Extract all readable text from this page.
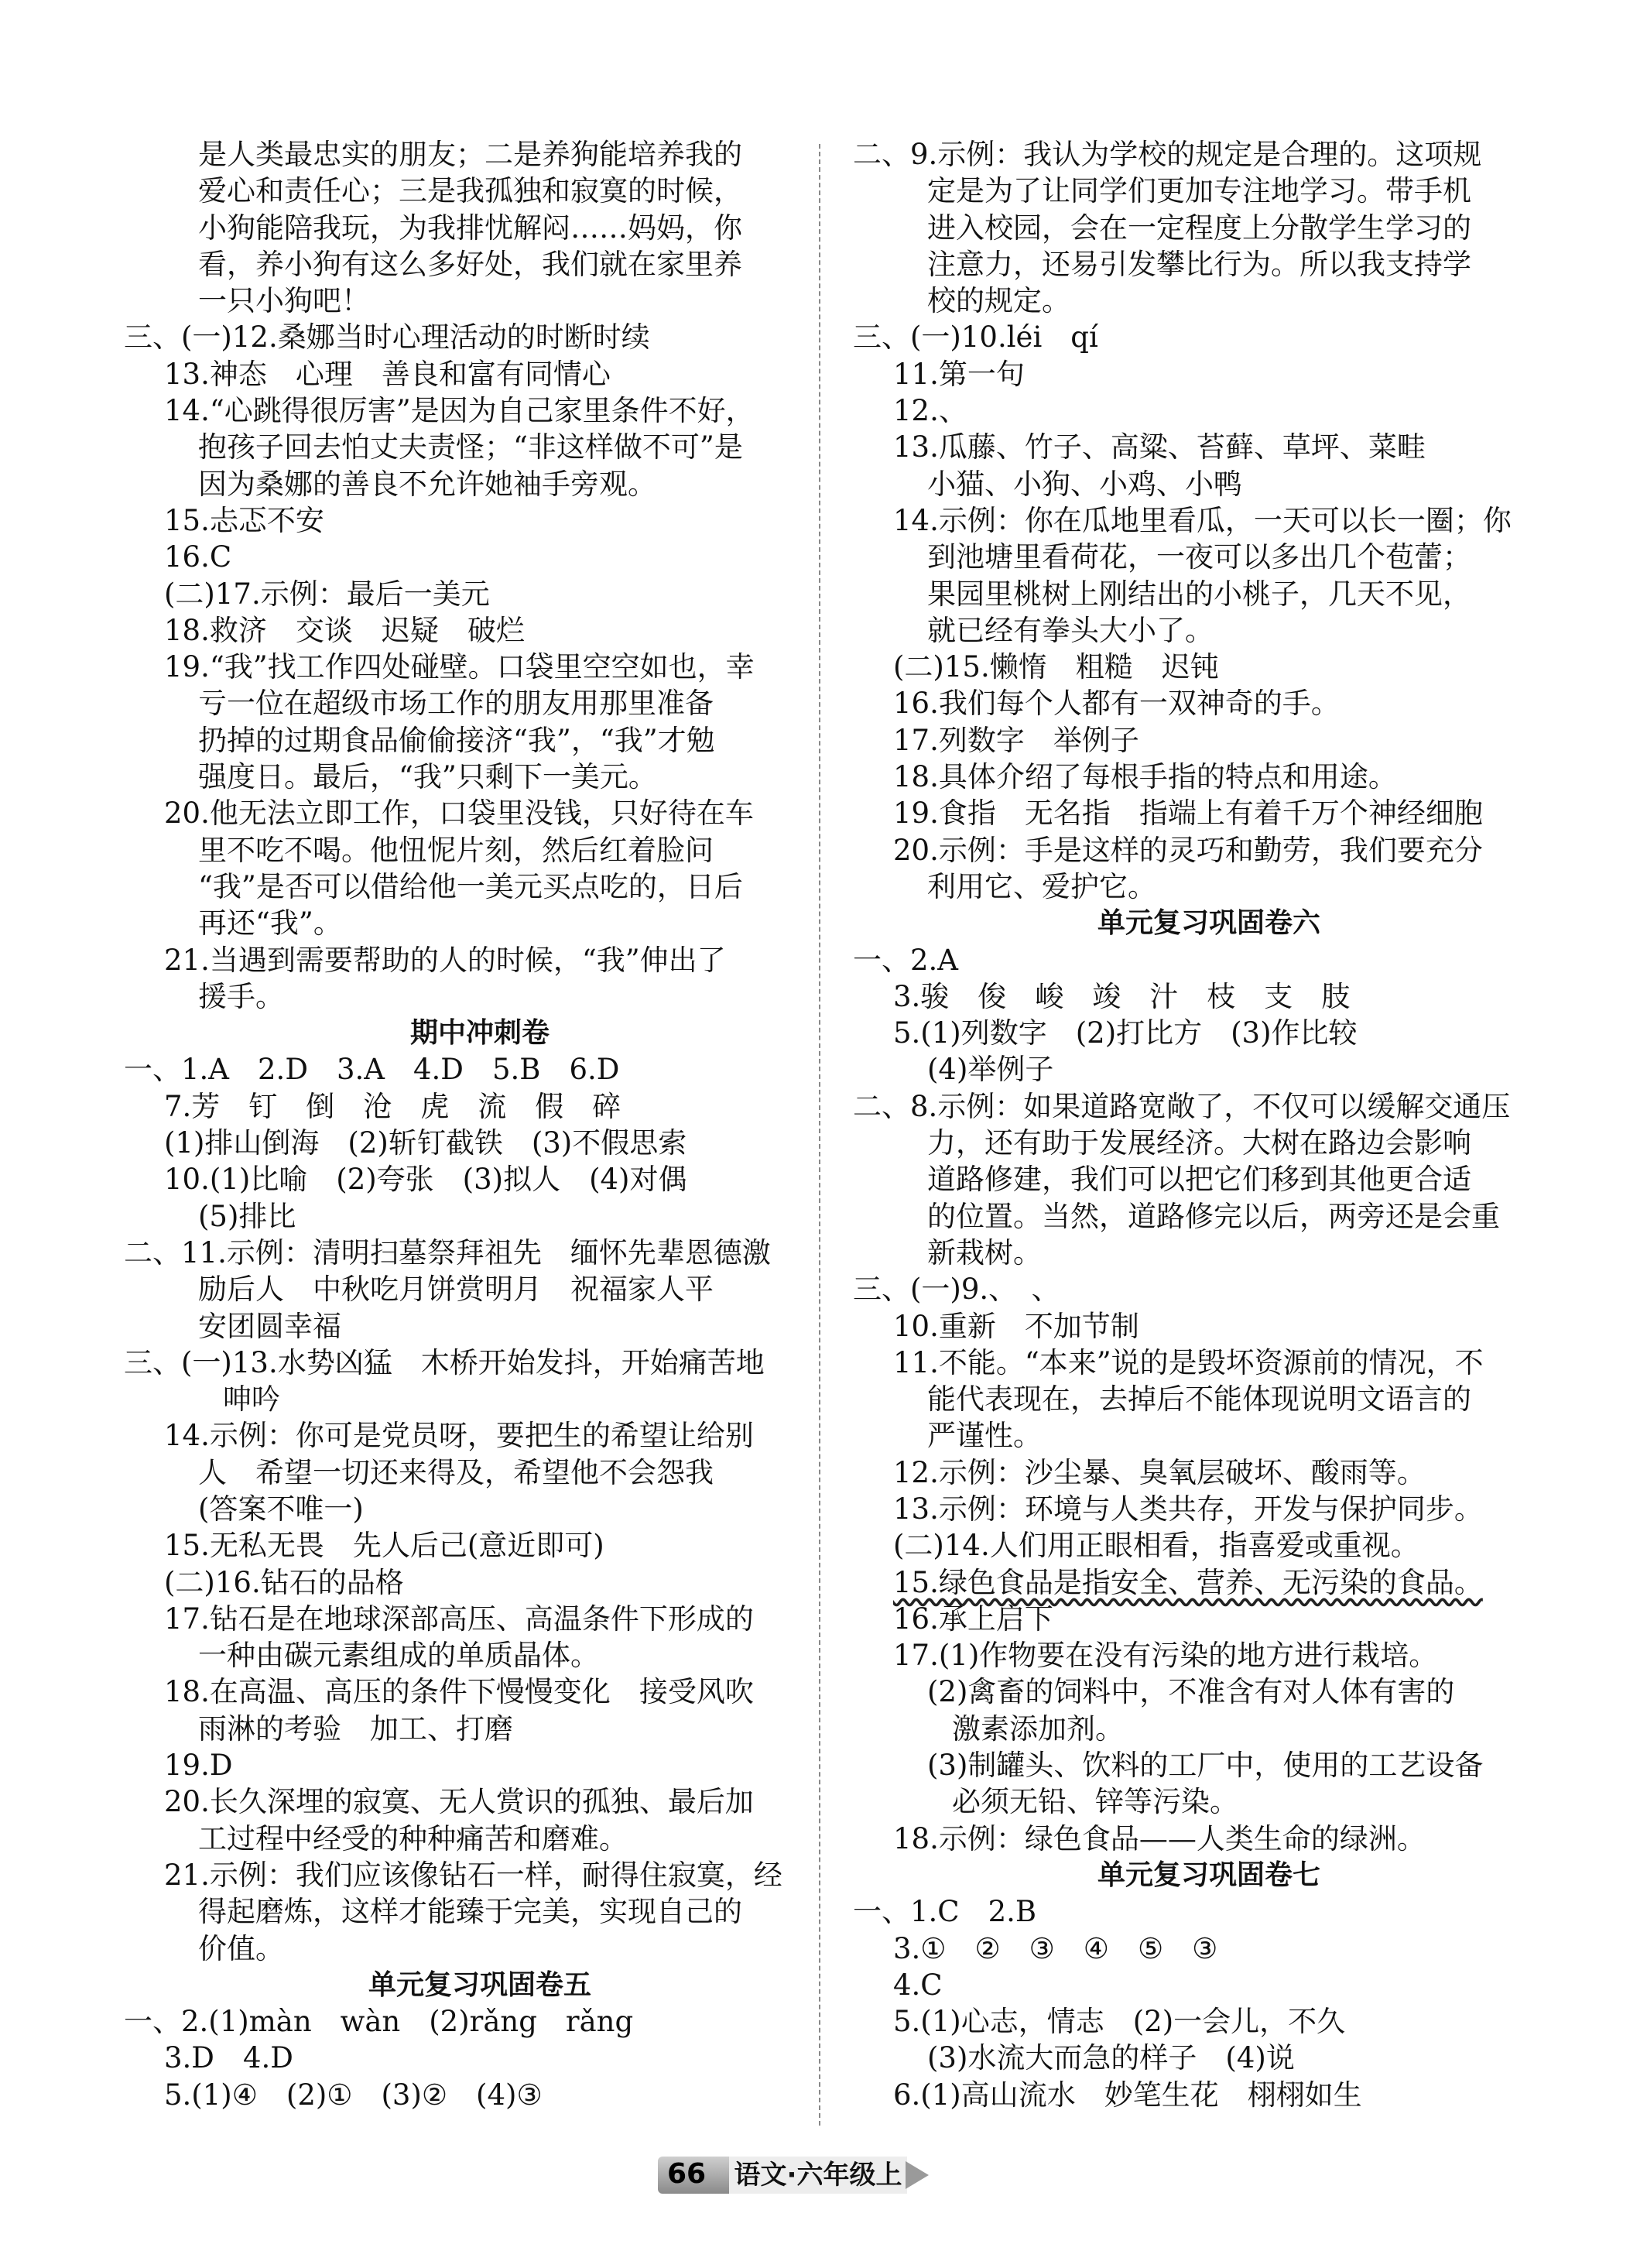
是人类最忠实的朋友；二是养狗能培养我的
爱心和责任心；三是我孤独和寂寞的时候，
小狗能陪我玩，为我排忧解闷……妈妈，你
看，养小狗有这么多好处，我们就在家里养
一只小狗吧！
三、(一)12.桑娜当时心理活动的时断时续
13.神态　心理　善良和富有同情心
14.“心跳得很厉害”是因为自己家里条件不好，
抱孩子回去怕丈夫责怪；“非这样做不可”是
因为桑娜的善良不允许她袖手旁观。
15.忐忑不安
16.C
(二)17.示例：最后一美元
18.救济　交谈　迟疑　破烂
19.“我”找工作四处碰壁。口袋里空空如也，幸
亏一位在超级市场工作的朋友用那里准备
扔掉的过期食品偷偷接济“我”，“我”才勉
强度日。最后，“我”只剩下一美元。
20.他无法立即工作，口袋里没钱，只好待在车
里不吃不喝。他忸怩片刻，然后红着脸问
“我”是否可以借给他一美元买点吃的，日后
再还“我”。
21.当遇到需要帮助的人的时候，“我”伸出了
援手。
期中冲刺卷
一、1.A　2.D　3.A　4.D　5.B　6.D
7.芳　钉　倒　沧　虎　流　假　碎
(1)排山倒海　(2)斩钉截铁　(3)不假思索
10.(1)比喻　(2)夸张　(3)拟人　(4)对偶
(5)排比
二、11.示例：清明扫墓祭拜祖先　缅怀先辈恩德激
励后人　中秋吃月饼赏明月　祝福家人平
安团圆幸福
三、(一)13.水势凶猛　木桥开始发抖，开始痛苦地
呻吟
14.示例：你可是党员呀，要把生的希望让给别
人　希望一切还来得及，希望他不会怨我
(答案不唯一)
15.无私无畏　先人后己(意近即可)
(二)16.钻石的品格
17.钻石是在地球深部高压、高温条件下形成的
一种由碳元素组成的单质晶体。
18.在高温、高压的条件下慢慢变化　接受风吹
雨淋的考验　加工、打磨
19.D
20.长久深埋的寂寞、无人赏识的孤独、最后加
工过程中经受的种种痛苦和磨难。
21.示例：我们应该像钻石一样，耐得住寂寞，经
得起磨炼，这样才能臻于完美，实现自己的
价值。
单元复习巩固卷五
一、2.(1)màn　wàn　(2)rǎng　rǎng
3.D　4.D
5.(1)④　(2)①　(3)②　(4)③
二、9.示例：我认为学校的规定是合理的。这项规
定是为了让同学们更加专注地学习。带手机
进入校园，会在一定程度上分散学生学习的
注意力，还易引发攀比行为。所以我支持学
校的规定。
三、(一)10.léi　qí
11.第一句
12.、
13.瓜藤、竹子、高粱、苔藓、草坪、菜畦
小猫、小狗、小鸡、小鸭
14.示例：你在瓜地里看瓜，一天可以长一圈；你
到池塘里看荷花，一夜可以多出几个苞蕾；
果园里桃树上刚结出的小桃子，几天不见，
就已经有拳头大小了。
(二)15.懒惰　粗糙　迟钝
16.我们每个人都有一双神奇的手。
17.列数字　举例子
18.具体介绍了每根手指的特点和用途。
19.食指　无名指　指端上有着千万个神经细胞
20.示例：手是这样的灵巧和勤劳，我们要充分
利用它、爱护它。
单元复习巩固卷六
一、2.A
3.骏　俊　峻　竣　汁　枝　支　肢
5.(1)列数字　(2)打比方　(3)作比较
(4)举例子
二、8.示例：如果道路宽敞了，不仅可以缓解交通压
力，还有助于发展经济。大树在路边会影响
道路修建，我们可以把它们移到其他更合适
的位置。当然，道路修完以后，两旁还是会重
新栽树。
三、(一)9.、　、
10.重新　不加节制
11.不能。“本来”说的是毁坏资源前的情况，不
能代表现在，去掉后不能体现说明文语言的
严谨性。
12.示例：沙尘暴、臭氧层破坏、酸雨等。
13.示例：环境与人类共存，开发与保护同步。
(二)14.人们用正眼相看，指喜爱或重视。
15.绿色食品是指安全、营养、无污染的食品。
16.承上启下
17.(1)作物要在没有污染的地方进行栽培。
(2)禽畜的饲料中，不准含有对人体有害的
激素添加剂。
(3)制罐头、饮料的工厂中，使用的工艺设备
必须无铅、锌等污染。
18.示例：绿色食品——人类生命的绿洲。
单元复习巩固卷七
一、1.C　2.B
3.①　②　③　④　⑤　③
4.C
5.(1)心志，情志　(2)一会儿，不久
(3)水流大而急的样子　(4)说
6.(1)高山流水　妙笔生花　栩栩如生
66 语文·六年级上
